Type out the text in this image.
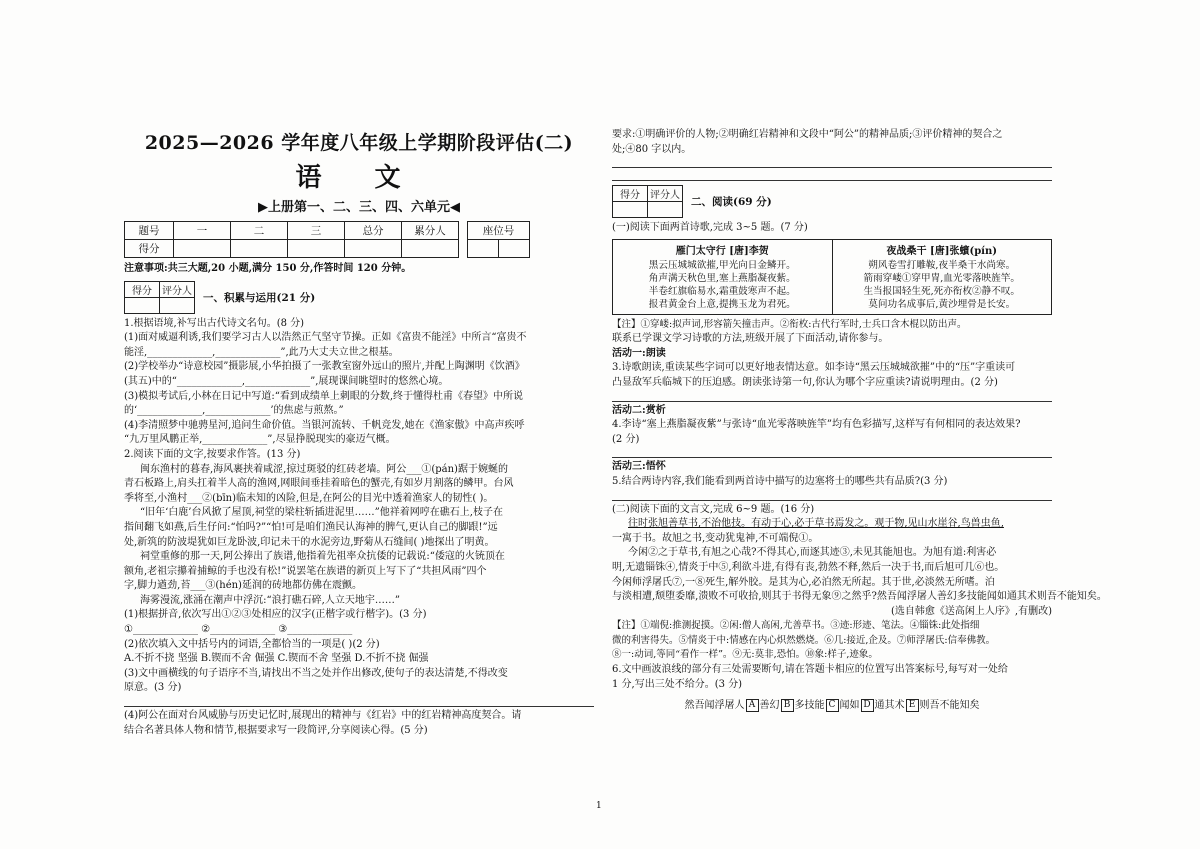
2025—2026 学年度八年级上学期阶段评估(二)

语 文

▶上册第一、二、三、四、六单元◀

题号	一	二	三	总分	累分人
得分					
座位号

注意事项:共三大题,20 小题,满分 150 分,作答时间 120 分钟。

得分	评分人

一、积累与运用(21 分)

1.根据语境,补写出古代诗文名句。(8 分)

(1)面对威逼利诱,我们要学习古人以浩然正气坚守节操。正如《富贵不能淫》中所言“富贵不

能淫,_____________,_____________”,此乃大丈夫立世之根基。

(2)学校举办“诗意校园”摄影展,小华拍摄了一张教室窗外远山的照片,并配上陶渊明《饮酒》

(其五)中的“_____________,_____________”,展现课间眺望时的悠然心境。

(3)模拟考试后,小林在日记中写道:“看到成绩单上刺眼的分数,终于懂得杜甫《春望》中所说

的‘_____________,_____________’的焦虑与煎熬。”

(4)李清照梦中驰骋星河,追问生命价值。当银河流转、千帆竞发,她在《渔家傲》中高声疾呼

“九万里风鹏正举,_____________”,尽显挣脱现实的豪迈气概。

2.阅读下面的文字,按要求作答。(13 分)

闽东渔村的暮春,海风裹挟着咸涩,掠过斑驳的红砖老墙。阿公___①(pán)踞于婉蜒的

青石板路上,肩头扛着半人高的渔网,网眼间垂挂着暗色的蟹壳,有如岁月割落的鳞甲。台风

季将至,小渔村___②(bīn)临未知的凶险,但是,在阿公的目光中透着渔家人的韧性( )。

“旧年‘白鹿’台风掀了屋顶,祠堂的梁柱斩插进泥里……”他祥着网哼在礁石上,枝子在

指间翻飞如燕,后生仔问:“怕吗?”“怕!可是咱们渔民认海神的脾气,更认自己的脚跟!”远

处,新筑的防波堤犹如巨龙卧波,印记未干的水泥旁边,野菊从石缝间( )地探出了明黄。

祠堂重修的那一天,阿公捧出了族谱,他指着先祖率众抗倭的记载说:“倭寇的火铳顶在

额角,老祖宗攥着捕鲸的手也没有松!”说罢笔在族谱的新页上写下了“共担风雨”四个

字,脚力遒劲,苔___③(hén)延润的砖地都仿佛在震颤。

海雾漫流,涨涌在潮声中浮沉:“浪打礁石碎,人立天地宇……”

(1)根据拼音,依次写出①②③处相应的汉字(正楷字或行楷字)。(3 分)

①_____________ ②_____________ ③_____________

(2)依次填入文中括号内的词语,全都恰当的一项是( )(2 分)

A.不折不挠 坚强 B.锲而不舍 倔强 C.锲而不舍 坚强 D.不折不挠 倔强

(3)文中画横线的句子语序不当,请找出不当之处并作出修改,使句子的表达清楚,不得改变

原意。(3 分)

(4)阿公在面对台风威胁与历史记忆时,展现出的精神与《红岩》中的红岩精神高度契合。请

结合名著具体人物和情节,根据要求写一段简评,分享阅读心得。(5 分)

要求:①明确评价的人物;②明确红岩精神和文段中“阿公”的精神品质;③评价精神的契合之

处;④80 字以内。

得分	评分人

二、阅读(69 分)

(一)阅读下面两首诗歌,完成 3~5 题。(7 分)

雁门太守行 [唐]李贺

黑云压城城欲摧,甲光向日金鳞开。

角声满天秋色里,塞上燕脂凝夜紫。

半卷红旗临易水,霜重鼓寒声不起。

报君黄金台上意,提携玉龙为君死。

夜战桑干 [唐]张蠙(pín)

朔风卷雪打雕鞍,夜半桑干水尚寒。

箭雨穿嵝①穿甲冑,血光零落映旌竿。

生当报国轻生死,死亦衔枚②静不叹。

莫问功名成事后,黄沙埋骨是长安。

【注】①穿嵝:拟声词,形容箭矢撞击声。②衔枚:古代行军时,士兵口含木棍以防出声。

联系已学课文学习诗歌的方法,班级开展了下面活动,请你参与。

活动一:朗读

3.诗歌朗读,重读某些字词可以更好地表情达意。如李诗“黑云压城城欲摧”中的“压”字重读可

凸显敌军兵临城下的压迫感。朗读张诗第一句,你认为哪个字应重读?请说明理由。(2 分)

活动二:赏析

4.李诗“塞上燕脂凝夜紫”与张诗“血光零落映旌竿”均有色彩描写,这样写有何相同的表达效果?

(2 分)

活动三:悟怀

5.结合两诗内容,我们能看到两首诗中描写的边塞将士的哪些共有品质?(3 分)

(二)阅读下面的文言文,完成 6~9 题。(16 分)

往时张旭善草书,不治他技。有动于心,必于草书焉发之。观于物,见山水崖谷,鸟兽虫鱼,

一寓于书。故旭之书,变动犹鬼神,不可端倪①。

今闲②之于草书,有旭之心哉?不得其心,而逐其迹③,未见其能旭也。为旭有道:利害必

明,无遗锱铢④,情炎于中⑤,利欲斗进,有得有丧,勃然不释,然后一决于书,而后旭可几⑥也。

今闲师浮屠氏⑦,一⑧死生,解外胶。是其为心,必泊然无所起。其于世,必淡然无所嗜。泊

与淡相遭,颓堕委靡,溃败不可收拾,则其于书得无象⑨之然乎?然吾闻浮屠人善幻多技能闻如通其术则吾不能知矣。

(选自韩愈《送高闲上人序》,有删改)

【注】①端倪:推测捉摸。②闲:僧人高闲,尤善草书。③迹:形迹、笔法。④锱铢:此处指细

微的利害得失。⑤情炎于中:情感在内心炽然燃烧。⑥几:接近,企及。⑦师浮屠氏:信奉佛教。

⑧一:动词,等同“看作一样”。⑨无:莫非,恐怕。⑩象:样子,迹象。

6.文中画波浪线的部分有三处需要断句,请在答题卡相应的位置写出答案标号,每写对一处给

1 分,写出三处不给分。(3 分)

然吾闻浮屠人 A 善幻 B 多技能 C 闻如 D 通其术 E 则吾不能知矣

1
